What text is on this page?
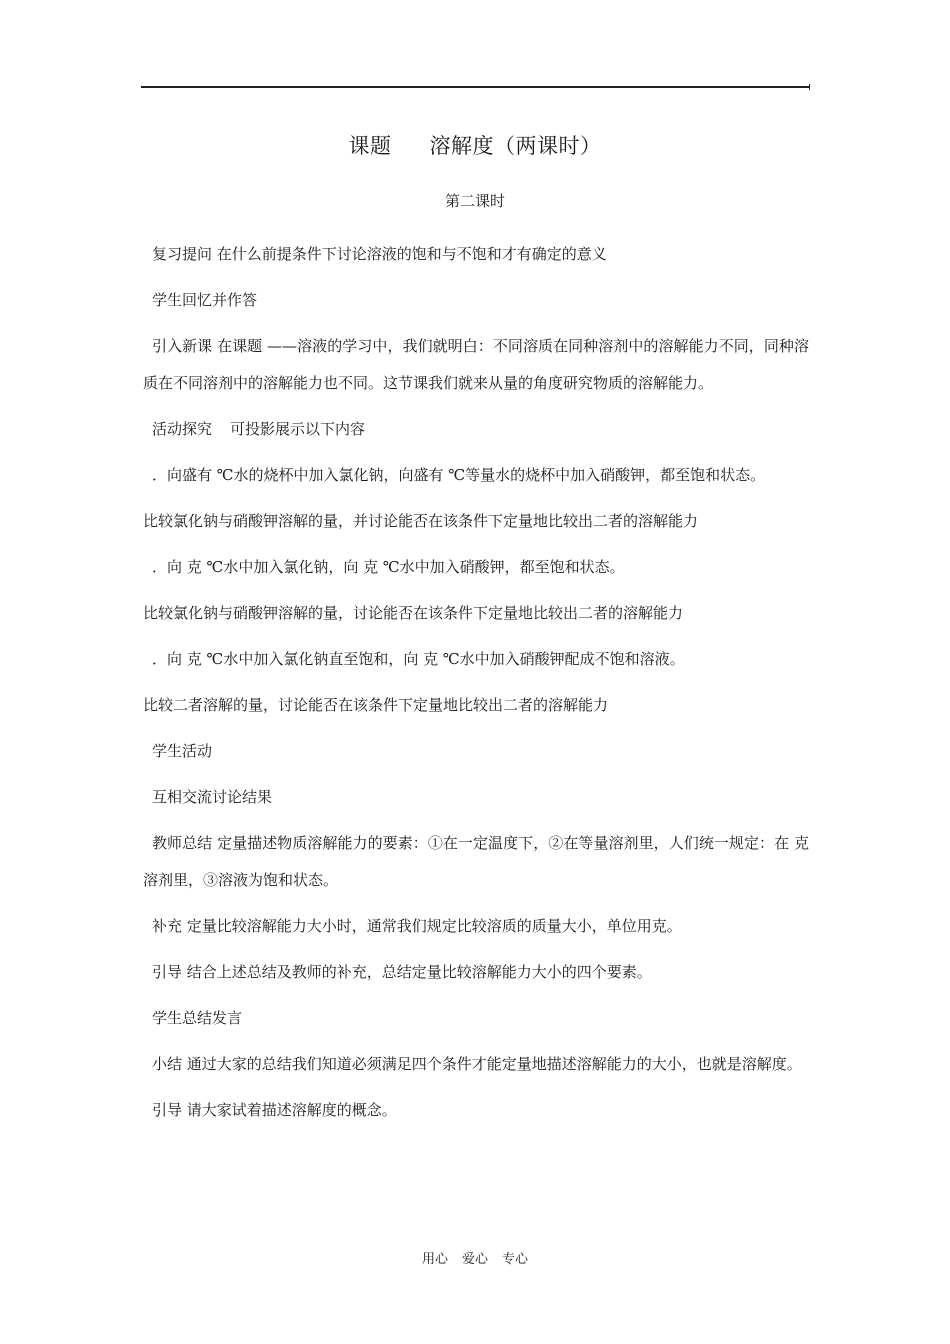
课题 溶解度（两课时）
第二课时

复习提问 在什么前提条件下讨论溶液的饱和与不饱和才有确定的意义

学生回忆并作答

引入新课 在课题 ——溶液的学习中，我们就明白：不同溶质在同种溶剂中的溶解能力不同，同种溶质在不同溶剂中的溶解能力也不同。这节课我们就来从量的角度研究物质的溶解能力。

活动探究 可投影展示以下内容

．向盛有 ℃水的烧杯中加入氯化钠，向盛有 ℃等量水的烧杯中加入硝酸钾，都至饱和状态。

比较氯化钠与硝酸钾溶解的量，并讨论能否在该条件下定量地比较出二者的溶解能力

．向 克 ℃水中加入氯化钠，向 克 ℃水中加入硝酸钾，都至饱和状态。

比较氯化钠与硝酸钾溶解的量，讨论能否在该条件下定量地比较出二者的溶解能力

．向 克 ℃水中加入氯化钠直至饱和，向 克 ℃水中加入硝酸钾配成不饱和溶液。

比较二者溶解的量，讨论能否在该条件下定量地比较出二者的溶解能力

学生活动

互相交流讨论结果

教师总结 定量描述物质溶解能力的要素：①在一定温度下，②在等量溶剂里，人们统一规定：在 克溶剂里，③溶液为饱和状态。

补充 定量比较溶解能力大小时，通常我们规定比较溶质的质量大小，单位用克。

引导 结合上述总结及教师的补充，总结定量比较溶解能力大小的四个要素。

学生总结发言

小结 通过大家的总结我们知道必须满足四个条件才能定量地描述溶解能力的大小，也就是溶解度。

引导 请大家试着描述溶解度的概念。

用心 爱心 专心
